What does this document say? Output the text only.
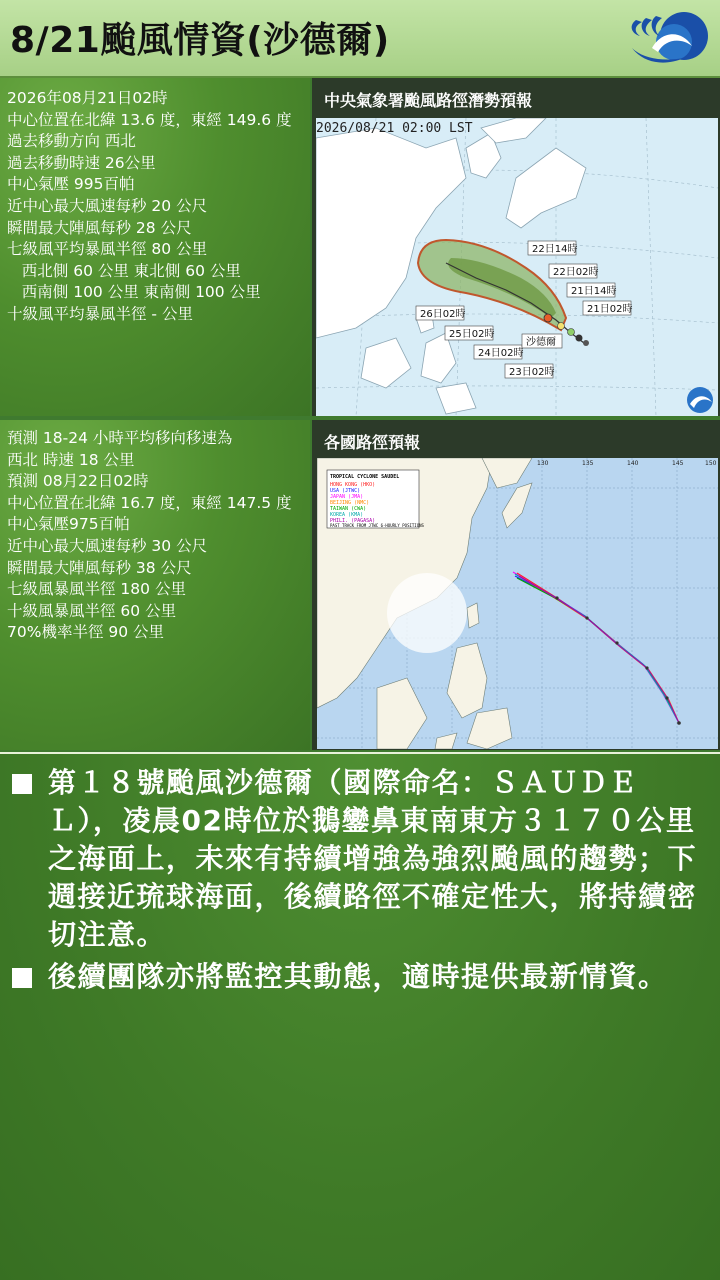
8/21颱風情資(沙德爾)
2026年08月21日02時
中心位置在北緯 13.6 度，東經 149.6 度
過去移動方向 西北
過去移動時速 26公里
中心氣壓 995百帕
近中心最大風速每秒 20 公尺
瞬間最大陣風每秒 28 公尺
七級風平均暴風半徑 80 公里
西北側 60 公里 東北側 60 公里
西南側 100 公里 東南側 100 公里
十級風平均暴風半徑 - 公里
中央氣象署颱風路徑潛勢預報
2026/08/21 02:00 LST
22日14時
22日02時
21日14時
21日02時
26日02時
25日02時
24日02時
23日02時
沙德爾
預測 18-24 小時平均移向移速為
西北 時速 18 公里
預測 08月22日02時
中心位置在北緯 16.7 度，東經 147.5 度
中心氣壓975百帕
近中心最大風速每秒 30 公尺
瞬間最大陣風每秒 38 公尺
七級風暴風半徑 180 公里
十級風暴風半徑 60 公里
70%機率半徑 90 公里
各國路徑預報
130	135	140	145	150
TROPICAL CYCLONE SAUDEL
HONG KONG (HKO)
USA (JTWC)
JAPAN (JMA)
BEIJING (NMC)
TAIWAN (CWA)
KOREA (KMA)
PHILI. (PAGASA)
PAST TRACK FROM JTWC 6-HOURLY POSITIONS
第１８號颱風沙德爾（國際命名：ＳＡＵＤＥＬ），凌晨02時位於鵝鑾鼻東南東方３１７０公里之海面上，未來有持續增強為強烈颱風的趨勢；下週接近琉球海面，後續路徑不確定性大，將持續密切注意。
後續團隊亦將監控其動態，適時提供最新情資。
